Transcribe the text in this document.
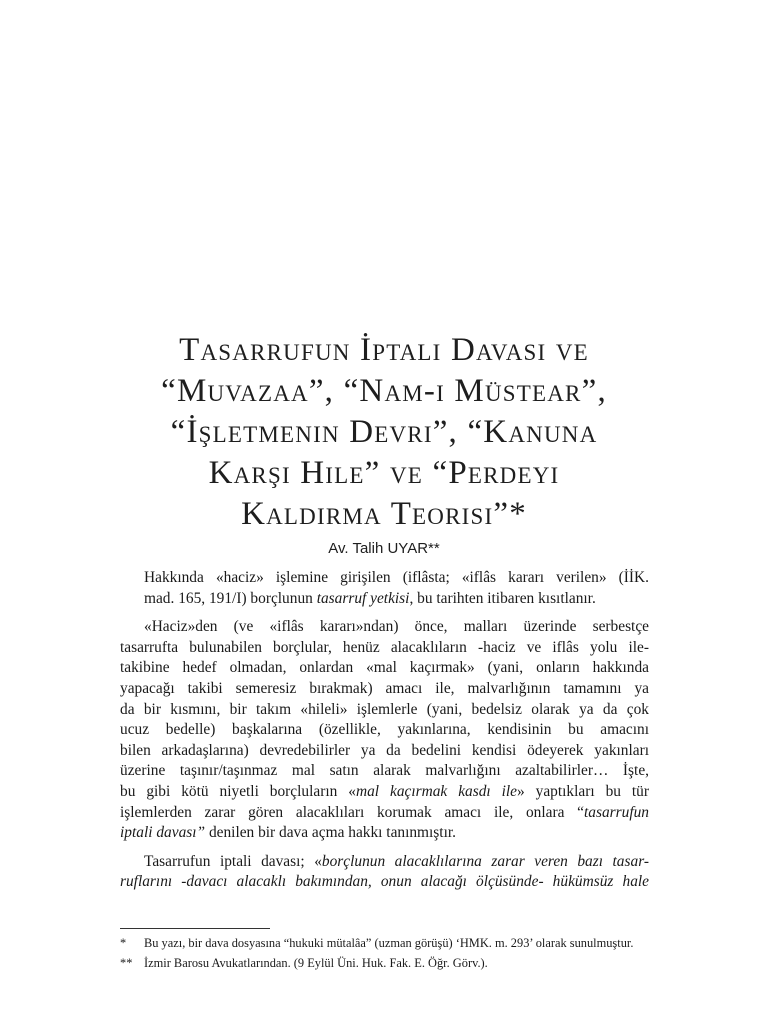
Tasarrufun İptali Davası ve
“Muvazaa”, “Nam-ı Müstear”,
“İşletmenin Devri”, “Kanuna
Karşı Hile” ve “Perdeyi
Kaldırma Teorisi”*
Av. Talih UYAR**

Hakkında «haciz» işlemine girişilen (iflâsta; «iflâs kararı verilen» (İİK.
mad. 165, 191/I) borçlunun tasarruf yetkisi, bu tarihten itibaren kısıtlanır.

«Haciz»den (ve «iflâs kararı»ndan) önce, malları üzerinde serbestçe
tasarrufta bulunabilen borçlular, henüz alacaklıların -haciz ve iflâs yolu ile-
takibine hedef olmadan, onlardan «mal kaçırmak» (yani, onların hakkında
yapacağı takibi semeresiz bırakmak) amacı ile, malvarlığının tamamını ya
da bir kısmını, bir takım «hileli» işlemlerle (yani, bedelsiz olarak ya da çok
ucuz bedelle) başkalarına (özellikle, yakınlarına, kendisinin bu amacını
bilen arkadaşlarına) devredebilirler ya da bedelini kendisi ödeyerek yakınları
üzerine taşınır/taşınmaz mal satın alarak malvarlığını azaltabilirler… İşte,
bu gibi kötü niyetli borçluların «mal kaçırmak kasdı ile» yaptıkları bu tür
işlemlerden zarar gören alacaklıları korumak amacı ile, onlara “tasarrufun
iptali davası” denilen bir dava açma hakkı tanınmıştır.

Tasarrufun iptali davası; «borçlunun alacaklılarına zarar veren bazı tasar-
ruflarını -davacı alacaklı bakımından, onun alacağı ölçüsünde- hükümsüz hale

* Bu yazı, bir dava dosyasına “hukuki mütalâa” (uzman görüşü) ‘HMK. m. 293’ olarak sunulmuştur.
** İzmir Barosu Avukatlarından. (9 Eylül Üni. Huk. Fak. E. Öğr. Görv.).
